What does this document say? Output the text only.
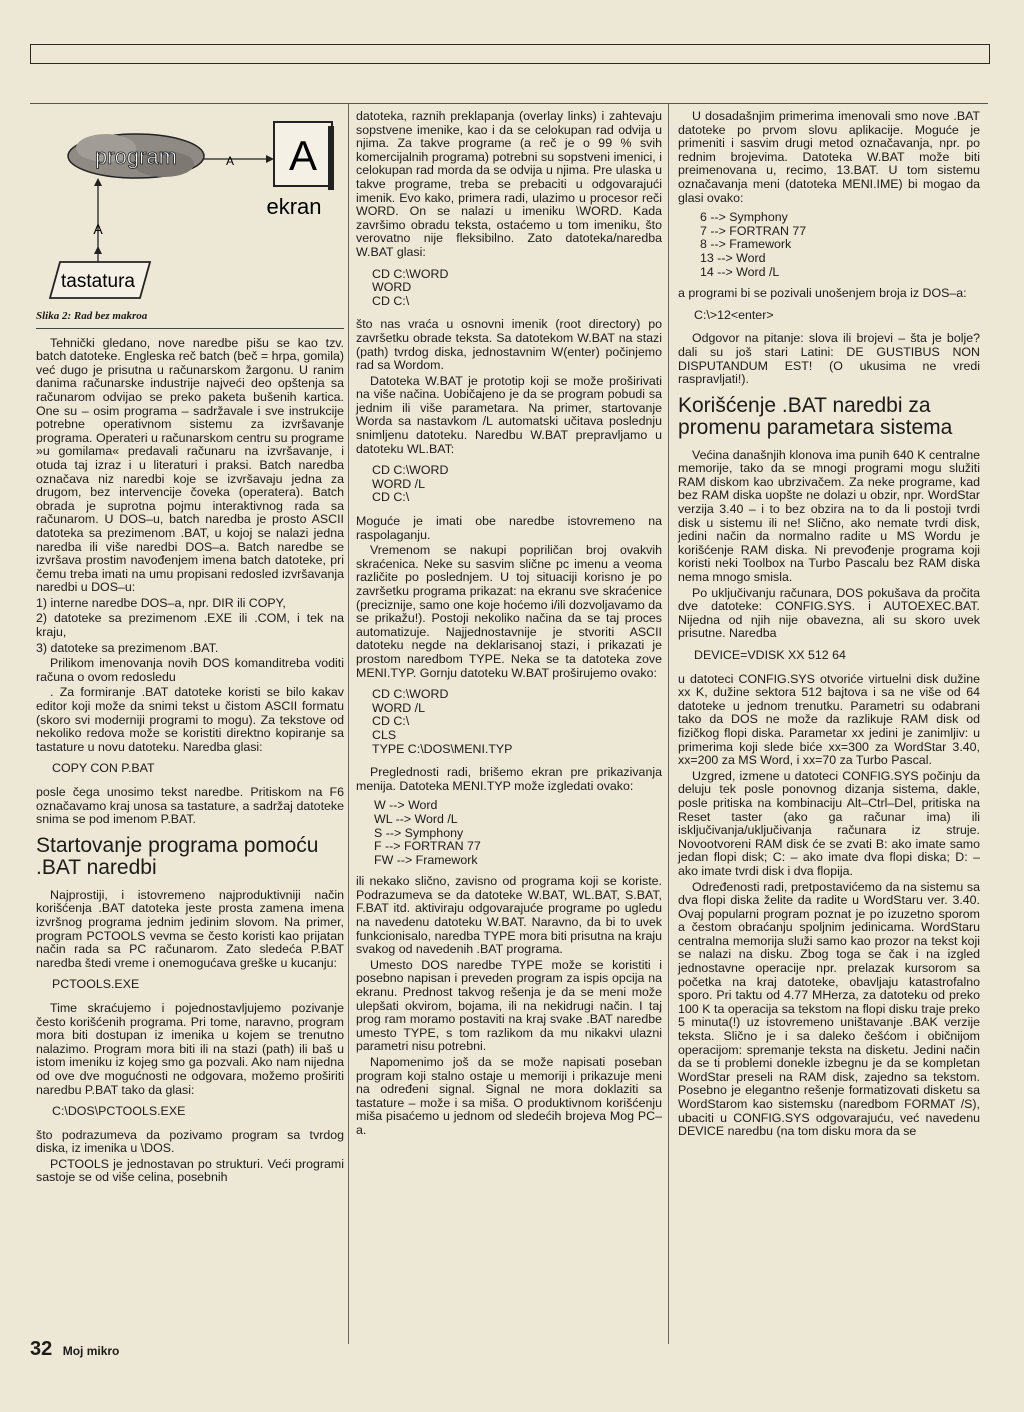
program	A A
ekran
A
tastatura
Slika 2: Rad bez makroa

Tehnički gledano, nove naredbe pišu se kao tzv. batch datoteke. Engleska reč batch (beč = hrpa, gomila) već dugo je prisutna u računarskom žargonu. U ranim danima računarske industrije najveći deo opštenja sa računarom odvijao se preko paketa bušenih kartica. One su – osim programa – sadržavale i sve instrukcije potrebne operativnom sistemu za izvršavanje programa. Operateri u računarskom centru su programe »u gomilama« predavali računaru na izvršavanje, i otuda taj izraz i u literaturi i praksi. Batch naredba označava niz naredbi koje se izvršavaju jedna za drugom, bez intervencije čoveka (operatera). Batch obrada je suprotna pojmu interaktivnog rada sa računarom. U DOS–u, batch naredba je prosto ASCII datoteka sa prezimenom .BAT, u kojoj se nalazi jedna naredba ili više naredbi DOS–a. Batch naredbe se izvršava prostim navođenjem imena batch datoteke, pri čemu treba imati na umu propisani redosled izvršavanja naredbi u DOS–u:

1) interne naredbe DOS–a, npr. DIR ili COPY,

2) datoteke sa prezimenom .EXE ili .COM, i tek na kraju,

3) datoteke sa prezimenom .BAT.

Prilikom imenovanja novih DOS komanditreba voditi računa o ovom redosledu

. Za formiranje .BAT datoteke koristi se bilo kakav editor koji može da snimi tekst u čistom ASCII formatu (skoro svi moderniji programi to mogu). Za tekstove od nekoliko redova može se koristiti direktno kopiranje sa tastature u novu datoteku. Naredba glasi:

COPY CON P.BAT

posle čega unosimo tekst naredbe. Pritiskom na F6 označavamo kraj unosa sa tastature, a sadržaj datoteke snima se pod imenom P.BAT.

Startovanje programa pomoću .BAT naredbi

Najprostiji, i istovremeno najproduktivniji način korišćenja .BAT datoteka jeste prosta zamena imena izvršnog programa jednim jedinim slovom. Na primer, program PCTOOLS vevma se često koristi kao prijatan način rada sa PC računarom. Zato sledeća P.BAT naredba štedi vreme i onemogućava greške u kucanju:

PCTOOLS.EXE

Time skraćujemo i pojednostavljujemo pozivanje često korišćenih programa. Pri tome, naravno, program mora biti dostupan iz imenika u kojem se trenutno nalazimo. Program mora biti ili na stazi (path) ili baš u istom imeniku iz kojeg smo ga pozvali. Ako nam nijedna od ove dve mogućnosti ne odgovara, možemo proširiti naredbu P.BAT tako da glasi:

C:\DOS\PCTOOLS.EXE

što podrazumeva da pozivamo program sa tvrdog diska, iz imenika u \DOS.

PCTOOLS je jednostavan po strukturi. Veći programi sastoje se od više celina, posebnih

datoteka, raznih preklapanja (overlay links) i zahtevaju sopstvene imenike, kao i da se celokupan rad odvija u njima. Za takve programe (a reč je o 99 % svih komercijalnih programa) potrebni su sopstveni imenici, i celokupan rad morda da se odvija u njima. Pre ulaska u takve programe, treba se prebaciti u odgovarajući imenik. Evo kako, primera radi, ulazimo u procesor reči WORD. On se nalazi u imeniku \WORD. Kada završimo obradu teksta, ostaćemo u tom imeniku, što verovatno nije fleksibilno. Zato datoteka/naredba W.BAT glasi:

CD C:\WORD
WORD
CD C:\

što nas vraća u osnovni imenik (root directory) po završetku obrade teksta. Sa datotekom W.BAT na stazi (path) tvrdog diska, jednostavnim W(enter) počinjemo rad sa Wordom.

Datoteka W.BAT je prototip koji se može proširivati na više načina. Uobičajeno je da se program pobudi sa jednim ili više parametara. Na primer, startovanje Worda sa nastavkom /L automatski učitava poslednju snimljenu datoteku. Naredbu W.BAT prepravljamo u datoteku WL.BAT:

CD C:\WORD
WORD /L
CD C:\

Moguće je imati obe naredbe istovremeno na raspolaganju.

Vremenom se nakupi popriličan broj ovakvih skraćenica. Neke su sasvim slične pc imenu a veoma različite po poslednjem. U toj situaciji korisno je po završetku programa prikazat: na ekranu sve skraćenice (preciznije, samo one koje hoćemo i/ili dozvoljavamo da se prikažu!). Postoji nekoliko načina da se taj proces automatizuje. Najjednostavnije je stvoriti ASCII datoteku negde na deklarisanoj stazi, i prikazati je prostom naredbom TYPE. Neka se ta datoteka zove MENI.TYP. Gornju datoteku W.BAT proširujemo ovako:

CD C:\WORD
WORD /L
CD C:\
CLS
TYPE C:\DOS\MENI.TYP

Preglednosti radi, brišemo ekran pre prikazivanja menija. Datoteka MENI.TYP može izgledati ovako:

W --> Word
WL --> Word /L
S --> Symphony
F --> FORTRAN 77
FW --> Framework

ili nekako slično, zavisno od programa koji se koriste. Podrazumeva se da datoteke W.BAT, WL.BAT, S.BAT, F.BAT itd. aktiviraju odgovarajuće programe po ugledu na navedenu datoteku W.BAT. Naravno, da bi to uvek funkcionisalo, naredba TYPE mora biti prisutna na kraju svakog od navedenih .BAT programa.

Umesto DOS naredbe TYPE može se koristiti i posebno napisan i preveden program za ispis opcija na ekranu. Prednost takvog rešenja je da se meni može ulepšati okvirom, bojama, ili na nekidrugi način. I taj prog ram moramo postaviti na kraj svake .BAT naredbe umesto TYPE, s tom razlikom da mu nikakvi ulazni parametri nisu potrebni.

Napomenimo još da se može napisati poseban program koji stalno ostaje u memoriji i prikazuje meni na određeni signal. Signal ne mora doklaziti sa tastature – može i sa miša. O produktivnom korišćenju miša pisaćemo u jednom od sledećih brojeva Mog PC–a.

U dosadašnjim primerima imenovali smo nove .BAT datoteke po prvom slovu aplikacije. Moguće je primeniti i sasvim drugi metod označavanja, npr. po rednim brojevima. Datoteka W.BAT može biti preimenovana u, recimo, 13.BAT. U tom sistemu označavanja meni (datoteka MENI.IME) bi mogao da glasi ovako:

6 --> Symphony
7 --> FORTRAN 77
8 --> Framework
13 --> Word
14 --> Word /L

a programi bi se pozivali unošenjem broja iz DOS–a:

C:\>12<enter>

Odgovor na pitanje: slova ili brojevi – šta je bolje? dali su još stari Latini: DE GUSTIBUS NON DISPUTANDUM EST! (O ukusima ne vredi raspravljati!).

Korišćenje .BAT naredbi za promenu parametara sistema

Većina današnjih klonova ima punih 640 K centralne memorije, tako da se mnogi programi mogu služiti RAM diskom kao ubrzivačem. Za neke programe, kad bez RAM diska uopšte ne dolazi u obzir, npr. WordStar verzija 3.40 – i to bez obzira na to da li postoji tvrdi disk u sistemu ili ne! Slično, ako nemate tvrdi disk, jedini način da normalno radite u MS Wordu je korišćenje RAM diska. Ni prevođenje programa koji koristi neki Toolbox na Turbo Pascalu bez RAM diska nema mnogo smisla.

Po uključivanju računara, DOS pokušava da pročita dve datoteke: CONFIG.SYS. i AUTOEXEC.BAT. Nijedna od njih nije obavezna, ali su skoro uvek prisutne. Naredba

DEVICE=VDISK XX 512 64

u datoteci CONFIG.SYS otvoriće virtuelni disk dužine xx K, dužine sektora 512 bajtova i sa ne više od 64 datoteke u jednom trenutku. Parametri su odabrani tako da DOS ne može da razlikuje RAM disk od fizičkog flopi diska. Parametar xx jedini je zanimljiv: u primerima koji slede biće xx=300 za WordStar 3.40, xx=200 za MS Word, i xx=70 za Turbo Pascal.

Uzgred, izmene u datoteci CONFIG.SYS počinju da deluju tek posle ponovnog dizanja sistema, dakle, posle pritiska na kombinaciju Alt–Ctrl–Del, pritiska na Reset taster (ako ga računar ima) ili isključivanja/uključivanja računara iz struje. Novootvoreni RAM disk će se zvati B: ako imate samo jedan flopi disk; C: – ako imate dva flopi diska; D: – ako imate tvrdi disk i dva flopija.

Određenosti radi, pretpostavićemo da na sistemu sa dva flopi diska želite da radite u WordStaru ver. 3.40. Ovaj popularni program poznat je po izuzetno sporom a čestom obraćanju spoljnim jedinicama. WordStaru centralna memorija služi samo kao prozor na tekst koji se nalazi na disku. Zbog toga se čak i na izgled jednostavne operacije npr. prelazak kursorom sa početka na kraj datoteke, obavljaju katastrofalno sporo. Pri taktu od 4.77 MHerza, za datoteku od preko 100 K ta operacija sa tekstom na flopi disku traje preko 5 minuta(!) uz istovremeno uništavanje .BAK verzije teksta. Slično je i sa daleko češćom i običnijom operacijom: spremanje teksta na disketu. Jedini način da se ti problemi donekle izbegnu je da se kompletan WordStar preseli na RAM disk, zajedno sa tekstom. Posebno je elegantno rešenje formatizovati disketu sa WordStarom kao sistemsku (naredbom FORMAT /S), ubaciti u CONFIG.SYS odgovarajuću, već navedenu DEVICE naredbu (na tom disku mora da se

32 Moj mikro
